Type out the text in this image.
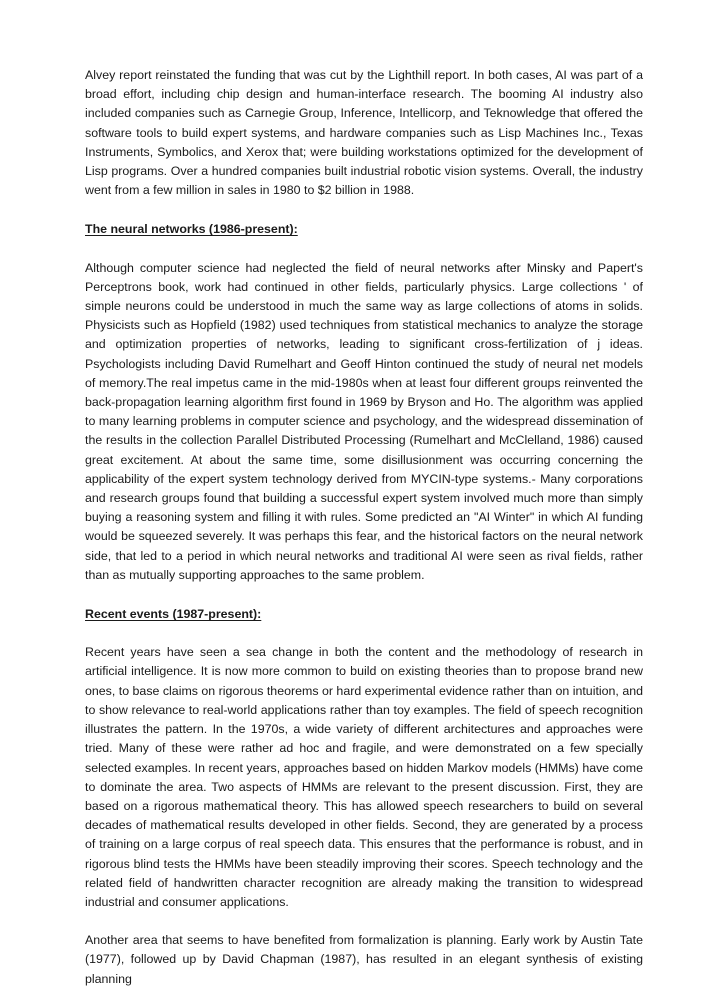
Alvey report reinstated the funding that was cut by the Lighthill report. In both cases, AI was part of a broad effort, including chip design and human-interface research. The booming AI industry also included companies such as Carnegie Group, Inference, Intellicorp, and Teknowledge that offered the software tools to build expert systems, and hardware companies such as Lisp Machines Inc., Texas Instruments, Symbolics, and Xerox that; were building workstations optimized for the development of Lisp programs. Over a hundred companies built industrial robotic vision systems. Overall, the industry went from a few million in sales in 1980 to $2 billion in 1988.

The neural networks (1986-present):

Although computer science had neglected the field of neural networks after Minsky and Papert's Perceptrons book, work had continued in other fields, particularly physics. Large collections ' of simple neurons could be understood in much the same way as large collections of atoms in solids. Physicists such as Hopfield (1982) used techniques from statistical mechanics to analyze the storage and optimization properties of networks, leading to significant cross-fertilization of j ideas. Psychologists including David Rumelhart and Geoff Hinton continued the study of neural net models of memory.The real impetus came in the mid-1980s when at least four different groups reinvented the back-propagation learning algorithm first found in 1969 by Bryson and Ho. The algorithm was applied to many learning problems in computer science and psychology, and the widespread dissemination of the results in the collection Parallel Distributed Processing (Rumelhart and McClelland, 1986) caused great excitement. At about the same time, some disillusionment was occurring concerning the applicability of the expert system technology derived from MYCIN-type systems.- Many corporations and research groups found that building a successful expert system involved much more than simply buying a reasoning system and filling it with rules. Some predicted an "AI Winter" in which AI funding would be squeezed severely. It was perhaps this fear, and the historical factors on the neural network side, that led to a period in which neural networks and traditional AI were seen as rival fields, rather than as mutually supporting approaches to the same problem.

Recent events (1987-present):

Recent years have seen a sea change in both the content and the methodology of research in artificial intelligence. It is now more common to build on existing theories than to propose brand new ones, to base claims on rigorous theorems or hard experimental evidence rather than on intuition, and to show relevance to real-world applications rather than toy examples. The field of speech recognition illustrates the pattern. In the 1970s, a wide variety of different architectures and approaches were tried. Many of these were rather ad hoc and fragile, and were demonstrated on a few specially selected examples. In recent years, approaches based on hidden Markov models (HMMs) have come to dominate the area. Two aspects of HMMs are relevant to the present discussion. First, they are based on a rigorous mathematical theory. This has allowed speech researchers to build on several decades of mathematical results developed in other fields. Second, they are generated by a process of training on a large corpus of real speech data. This ensures that the performance is robust, and in rigorous blind tests the HMMs have been steadily improving their scores. Speech technology and the related field of handwritten character recognition are already making the transition to widespread industrial and consumer applications.

Another area that seems to have benefited from formalization is planning. Early work by Austin Tate (1977), followed up by David Chapman (1987), has resulted in an elegant synthesis of existing planning
